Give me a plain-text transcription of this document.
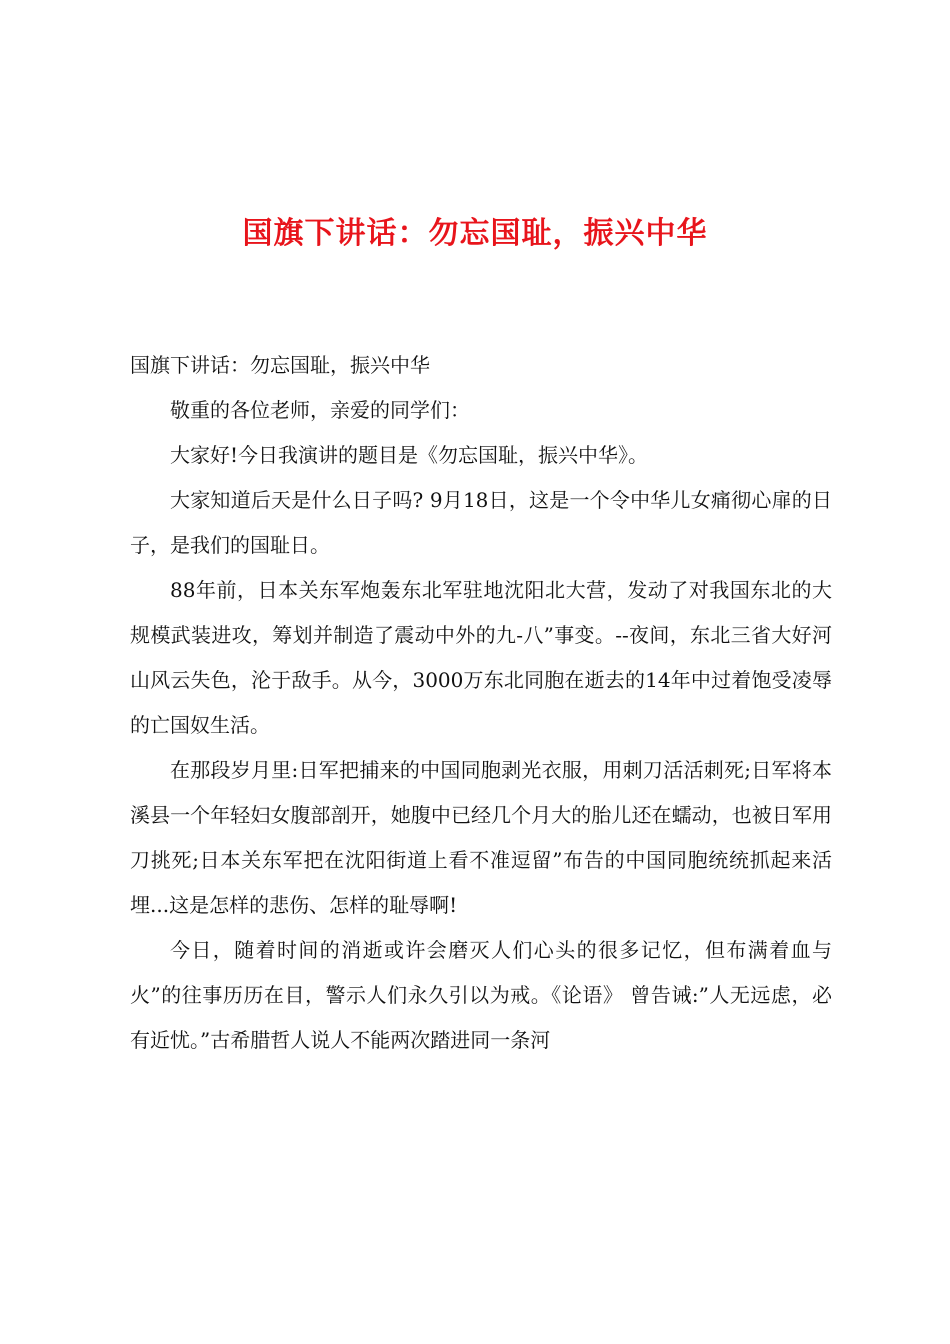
国旗下讲话：勿忘国耻，振兴中华

国旗下讲话：勿忘国耻，振兴中华

敬重的各位老师，亲爱的同学们：

大家好!今日我演讲的题目是《勿忘国耻，振兴中华》。

大家知道后天是什么日子吗? 9月18日，这是一个令中华儿女痛彻心扉的日子，是我们的国耻日。

88年前，日本关东军炮轰东北军驻地沈阳北大营，发动了对我国东北的大规模武装进攻，筹划并制造了震动中外的九-八”事变。--夜间，东北三省大好河山风云失色，沦于敌手。从今，3000万东北同胞在逝去的14年中过着饱受凌辱的亡国奴生活。

在那段岁月里:日军把捕来的中国同胞剥光衣服，用刺刀活活刺死;日军将本溪县一个年轻妇女腹部剖开，她腹中已经几个月大的胎儿还在蠕动，也被日军用刀挑死;日本关东军把在沈阳街道上看不准逗留”布告的中国同胞统统抓起来活埋...这是怎样的悲伤、怎样的耻辱啊!

今日，随着时间的消逝或许会磨灭人们心头的很多记忆，但布满着血与火”的往事历历在目，警示人们永久引以为戒。《论语》 曾告诫:”人无远虑，必有近忧。”古希腊哲人说人不能两次踏进同一条河
